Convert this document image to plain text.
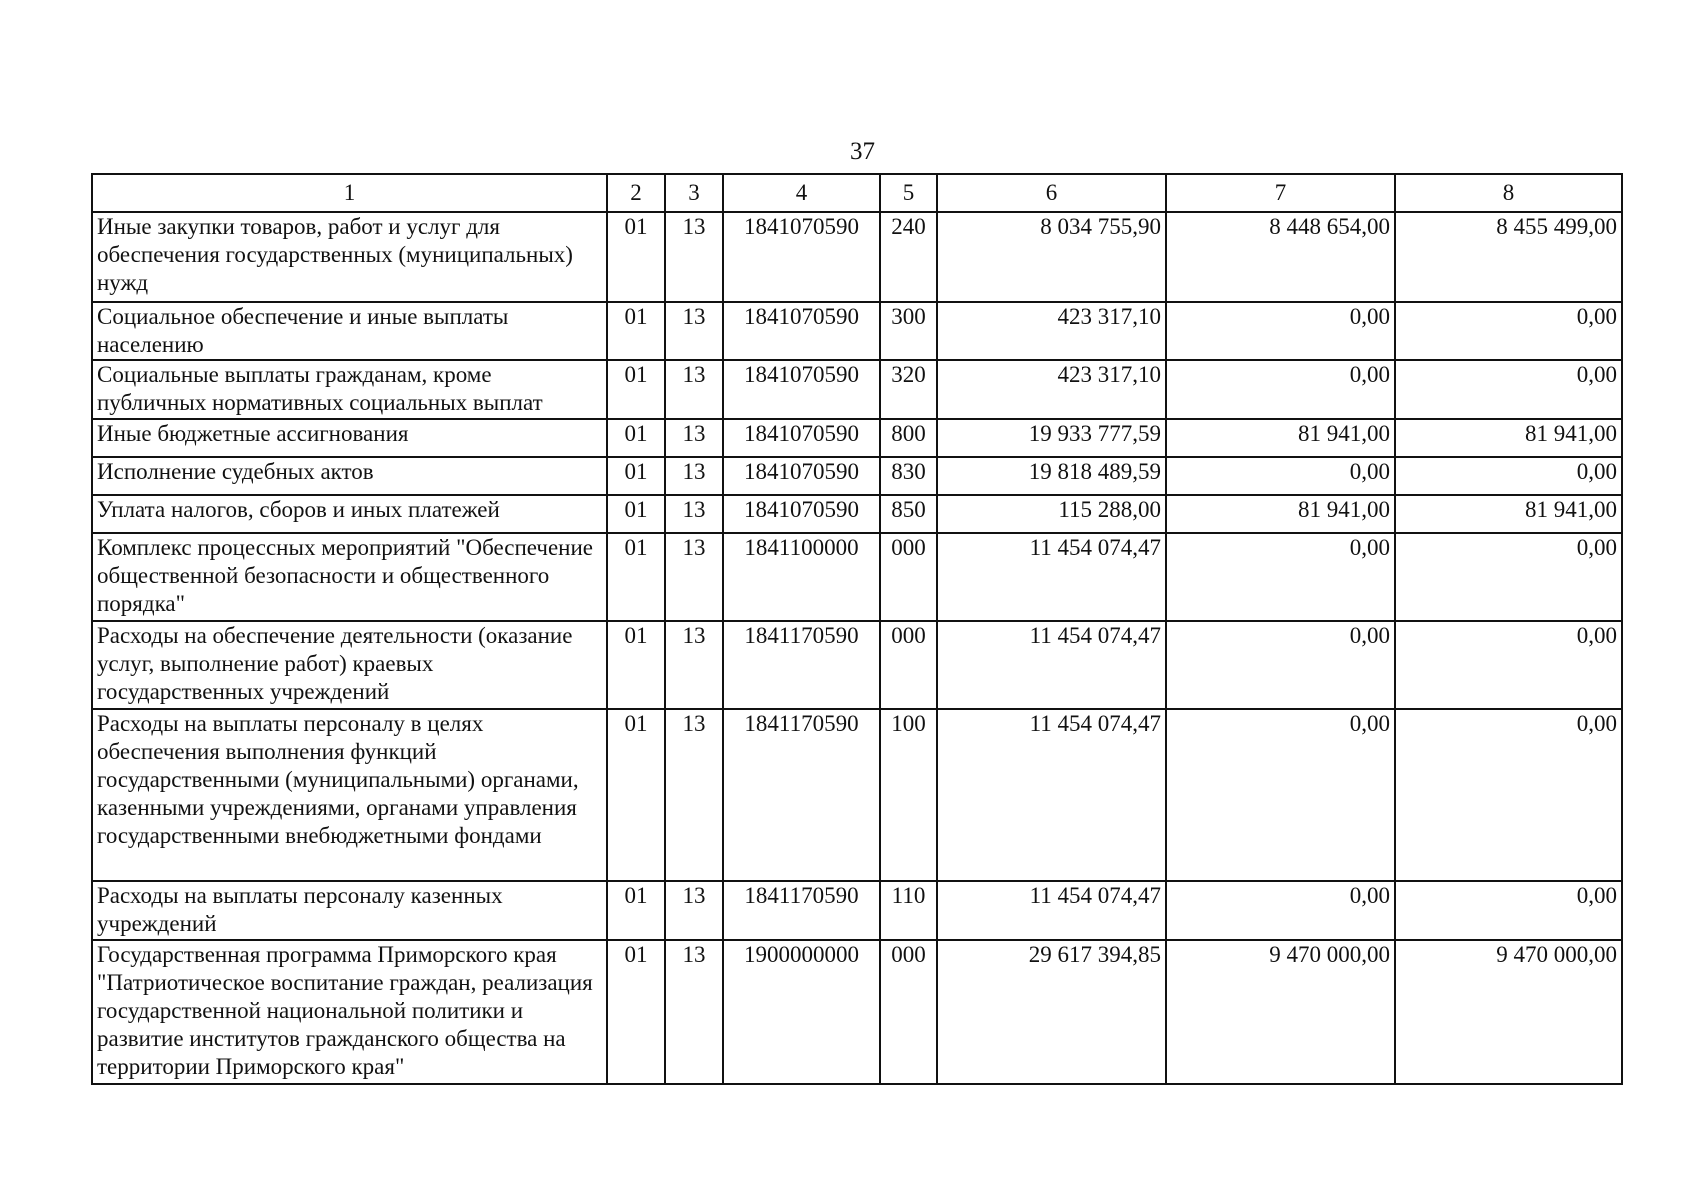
37
1	2	3	4	5	6	7	8
Иные закупки товаров, работ и услуг для обеспечения государственных (муниципальных) нужд	01	13	1841070590	240	8 034 755,90	8 448 654,00	8 455 499,00
Социальное обеспечение и иные выплаты населению	01	13	1841070590	300	423 317,10	0,00	0,00
Социальные выплаты гражданам, кроме публичных нормативных социальных выплат	01	13	1841070590	320	423 317,10	0,00	0,00
Иные бюджетные ассигнования	01	13	1841070590	800	19 933 777,59	81 941,00	81 941,00
Исполнение судебных актов	01	13	1841070590	830	19 818 489,59	0,00	0,00
Уплата налогов, сборов и иных платежей	01	13	1841070590	850	115 288,00	81 941,00	81 941,00
Комплекс процессных мероприятий "Обеспечение общественной безопасности и общественного порядка"	01	13	1841100000	000	11 454 074,47	0,00	0,00
Расходы на обеспечение деятельности (оказание услуг, выполнение работ) краевых государственных учреждений	01	13	1841170590	000	11 454 074,47	0,00	0,00
Расходы на выплаты персоналу в целях обеспечения выполнения функций государственными (муниципальными) органами, казенными учреждениями, органами управления государственными внебюджетными фондами	01	13	1841170590	100	11 454 074,47	0,00	0,00
Расходы на выплаты персоналу казенных учреждений	01	13	1841170590	110	11 454 074,47	0,00	0,00
Государственная программа Приморского края "Патриотическое воспитание граждан, реализация государственной национальной политики и развитие институтов гражданского общества на территории Приморского края"	01	13	1900000000	000	29 617 394,85	9 470 000,00	9 470 000,00
